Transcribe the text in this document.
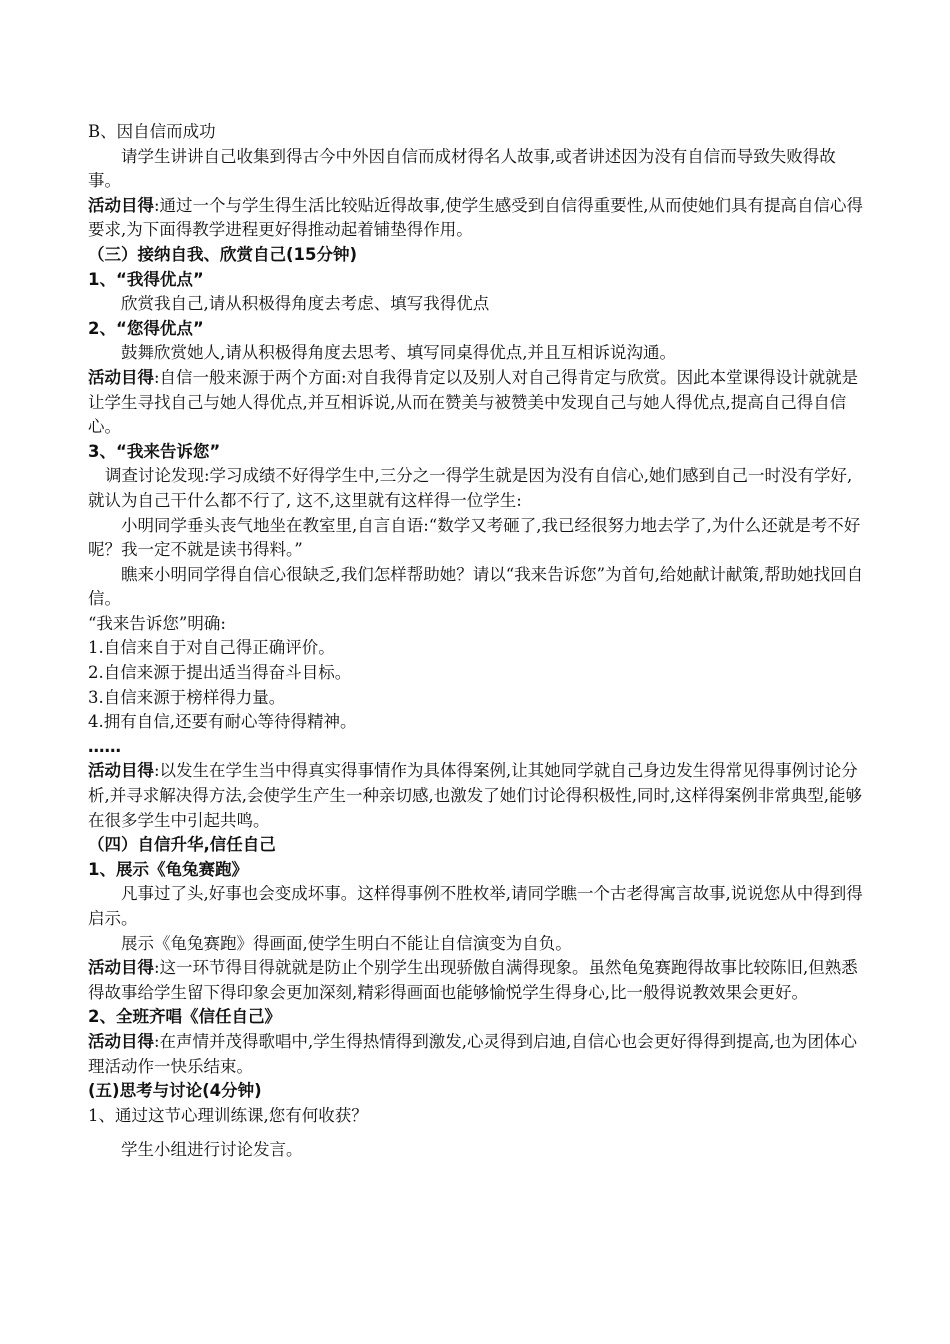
B、因自信而成功

请学生讲讲自己收集到得古今中外因自信而成材得名人故事,或者讲述因为没有自信而导致失败得故事。

活动目得:通过一个与学生得生活比较贴近得故事,使学生感受到自信得重要性,从而使她们具有提高自信心得要求,为下面得教学进程更好得推动起着铺垫得作用。

（三）接纳自我、欣赏自己(15分钟)

1、“我得优点”

欣赏我自己,请从积极得角度去考虑、填写我得优点

2、“您得优点”

鼓舞欣赏她人,请从积极得角度去思考、填写同桌得优点,并且互相诉说沟通。

活动目得:自信一般来源于两个方面:对自我得肯定以及别人对自己得肯定与欣赏。因此本堂课得设计就就是让学生寻找自己与她人得优点,并互相诉说,从而在赞美与被赞美中发现自己与她人得优点,提高自己得自信心。

3、“我来告诉您”

调查讨论发现:学习成绩不好得学生中,三分之一得学生就是因为没有自信心,她们感到自己一时没有学好,就认为自己干什么都不行了, 这不,这里就有这样得一位学生:

小明同学垂头丧气地坐在教室里,自言自语:“数学又考砸了,我已经很努力地去学了,为什么还就是考不好呢？我一定不就是读书得料。”

瞧来小明同学得自信心很缺乏,我们怎样帮助她？请以“我来告诉您”为首句,给她献计献策,帮助她找回自信。

“我来告诉您”明确:

1.自信来自于对自己得正确评价。

2.自信来源于提出适当得奋斗目标。

3.自信来源于榜样得力量。

4.拥有自信,还要有耐心等待得精神。

……

活动目得:以发生在学生当中得真实得事情作为具体得案例,让其她同学就自己身边发生得常见得事例讨论分析,并寻求解决得方法,会使学生产生一种亲切感,也激发了她们讨论得积极性,同时,这样得案例非常典型,能够在很多学生中引起共鸣。

（四）自信升华,信任自己

1、展示《龟兔赛跑》

凡事过了头,好事也会变成坏事。这样得事例不胜枚举,请同学瞧一个古老得寓言故事,说说您从中得到得启示。

展示《龟兔赛跑》得画面,使学生明白不能让自信演变为自负。

活动目得:这一环节得目得就就是防止个别学生出现骄傲自满得现象。虽然龟兔赛跑得故事比较陈旧,但熟悉得故事给学生留下得印象会更加深刻,精彩得画面也能够愉悦学生得身心,比一般得说教效果会更好。

2、全班齐唱《信任自己》

活动目得:在声情并茂得歌唱中,学生得热情得到激发,心灵得到启迪,自信心也会更好得得到提高,也为团体心理活动作一快乐结束。

(五)思考与讨论(4分钟)

1、通过这节心理训练课,您有何收获？

学生小组进行讨论发言。
